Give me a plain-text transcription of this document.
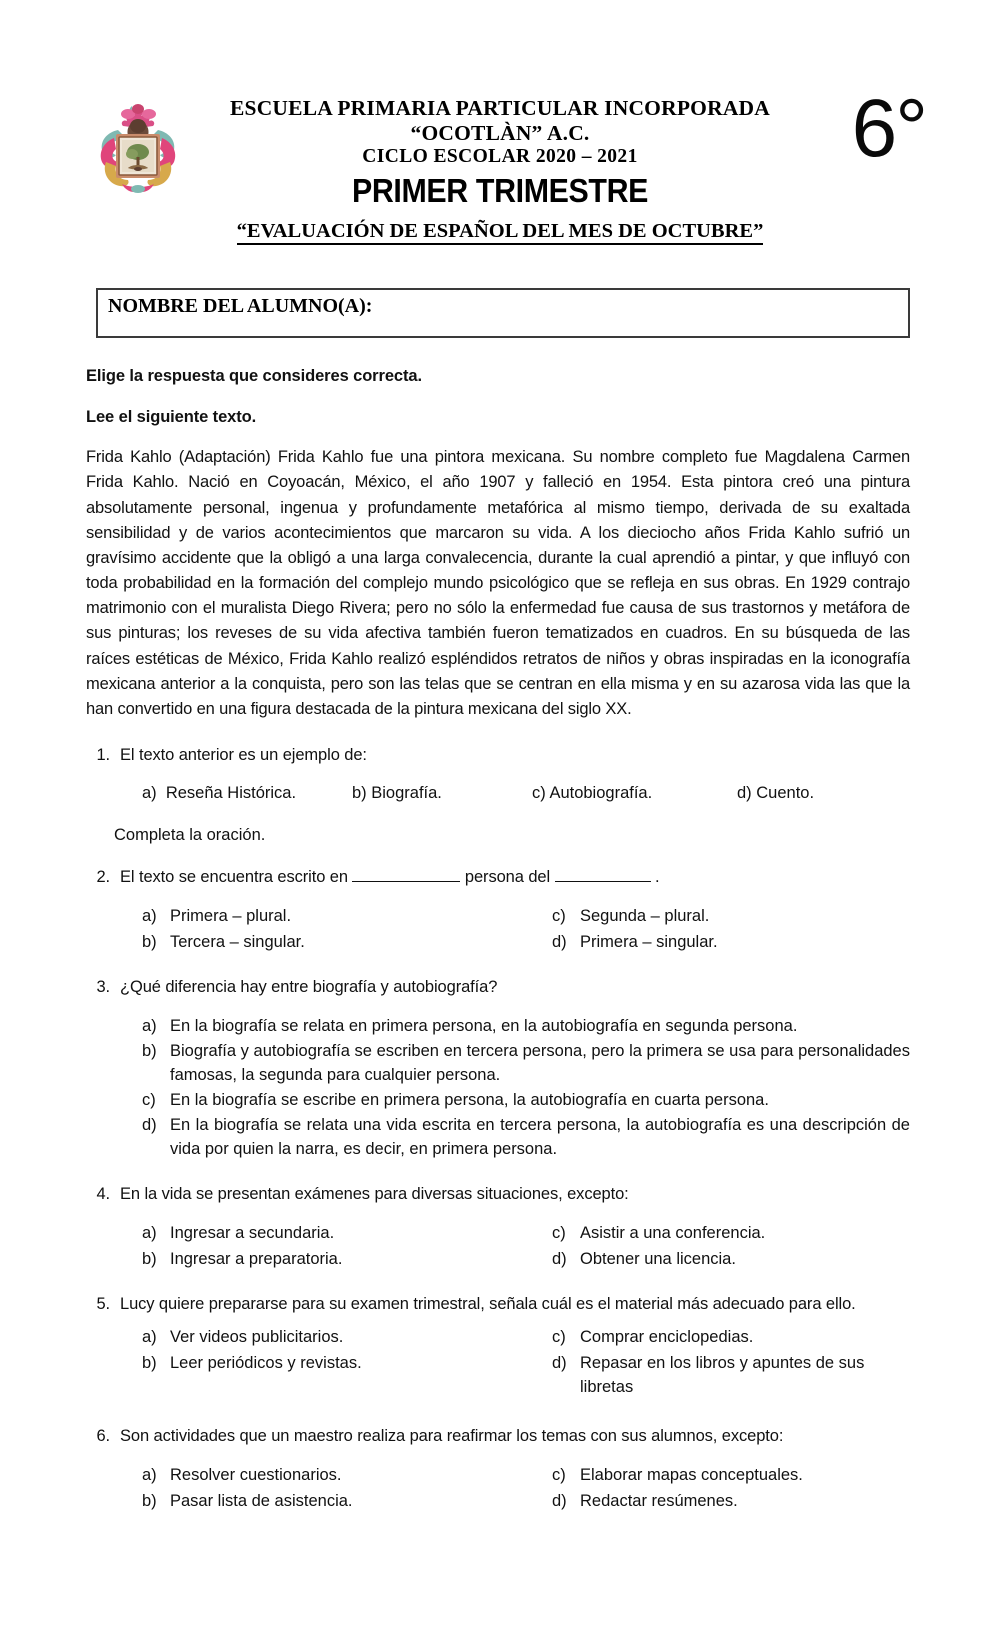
ESCUELA PRIMARIA PARTICULAR INCORPORADA
“OCOTLÀN” A.C.
CICLO ESCOLAR 2020 – 2021
PRIMER TRIMESTRE
6°
“EVALUACIÓN DE ESPAÑOL DEL MES DE OCTUBRE”
NOMBRE DEL ALUMNO(A):
Elige la respuesta que consideres correcta.
Lee el siguiente texto.
Frida Kahlo (Adaptación) Frida Kahlo fue una pintora mexicana. Su nombre completo fue Magdalena Carmen Frida Kahlo. Nació en Coyoacán, México, el año 1907 y falleció en 1954. Esta pintora creó una pintura absolutamente personal, ingenua y profundamente metafórica al mismo tiempo, derivada de su exaltada sensibilidad y de varios acontecimientos que marcaron su vida. A los dieciocho años Frida Kahlo sufrió un gravísimo accidente que la obligó a una larga convalecencia, durante la cual aprendió a pintar, y que influyó con toda probabilidad en la formación del complejo mundo psicológico que se refleja en sus obras. En 1929 contrajo matrimonio con el muralista Diego Rivera; pero no sólo la enfermedad fue causa de sus trastornos y metáfora de sus pinturas; los reveses de su vida afectiva también fueron tematizados en cuadros. En su búsqueda de las raíces estéticas de México, Frida Kahlo realizó espléndidos retratos de niños y obras inspiradas en la iconografía mexicana anterior a la conquista, pero son las telas que se centran en ella misma y en su azarosa vida las que la han convertido en una figura destacada de la pintura mexicana del siglo XX.
1. El texto anterior es un ejemplo de:
a) Reseña Histórica.	b) Biografía.	c) Autobiografía.	d) Cuento.
Completa la oración.
2. El texto se encuentra escrito en	persona del	.
a) Primera – plural.	c) Segunda – plural.
b) Tercera – singular.	d) Primera – singular.
3. ¿Qué diferencia hay entre biografía y autobiografía?
a) En la biografía se relata en primera persona, en la autobiografía en segunda persona.
b) Biografía y autobiografía se escriben en tercera persona, pero la primera se usa para personalidades famosas, la segunda para cualquier persona.
c) En la biografía se escribe en primera persona, la autobiografía en cuarta persona.
d) En la biografía se relata una vida escrita en tercera persona, la autobiografía es una descripción de vida por quien la narra, es decir, en primera persona.
4. En la vida se presentan exámenes para diversas situaciones, excepto:
a) Ingresar a secundaria.	c) Asistir a una conferencia.
b) Ingresar a preparatoria.	d) Obtener una licencia.
5. Lucy quiere prepararse para su examen trimestral, señala cuál es el material más adecuado para ello.
a) Ver videos publicitarios.	c) Comprar enciclopedias.
b) Leer periódicos y revistas.	d) Repasar en los libros y apuntes de sus libretas
6. Son actividades que un maestro realiza para reafirmar los temas con sus alumnos, excepto:
a) Resolver cuestionarios.	c) Elaborar mapas conceptuales.
b) Pasar lista de asistencia.	d) Redactar resúmenes.
